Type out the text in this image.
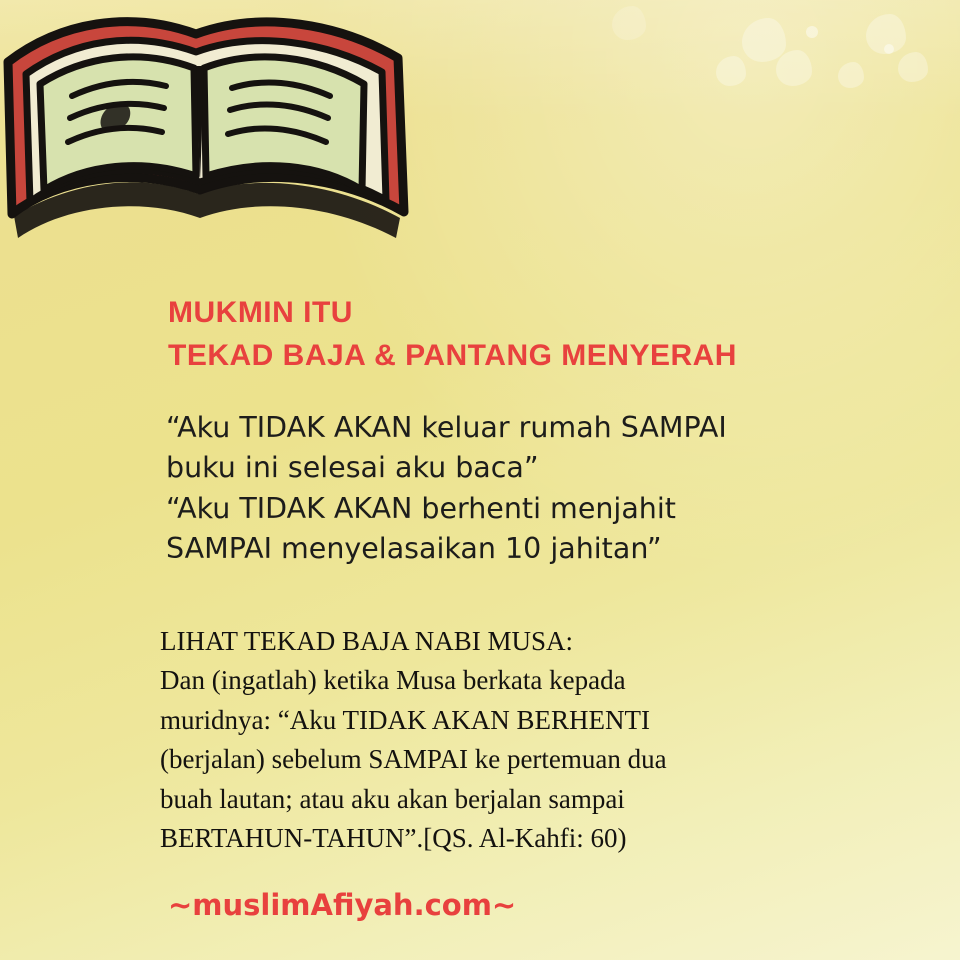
MUKMIN ITU
TEKAD BAJA & PANTANG MENYERAH
“Aku TIDAK AKAN keluar rumah SAMPAI
buku ini selesai aku baca”
“Aku TIDAK AKAN berhenti menjahit
SAMPAI menyelasaikan 10 jahitan”
LIHAT TEKAD BAJA NABI MUSA:
Dan (ingatlah) ketika Musa berkata kepada
muridnya: “Aku TIDAK AKAN BERHENTI
(berjalan) sebelum SAMPAI ke pertemuan dua
buah lautan; atau aku akan berjalan sampai
BERTAHUN-TAHUN”.[QS. Al-Kahfi: 60)
~muslimAfiyah.com~
